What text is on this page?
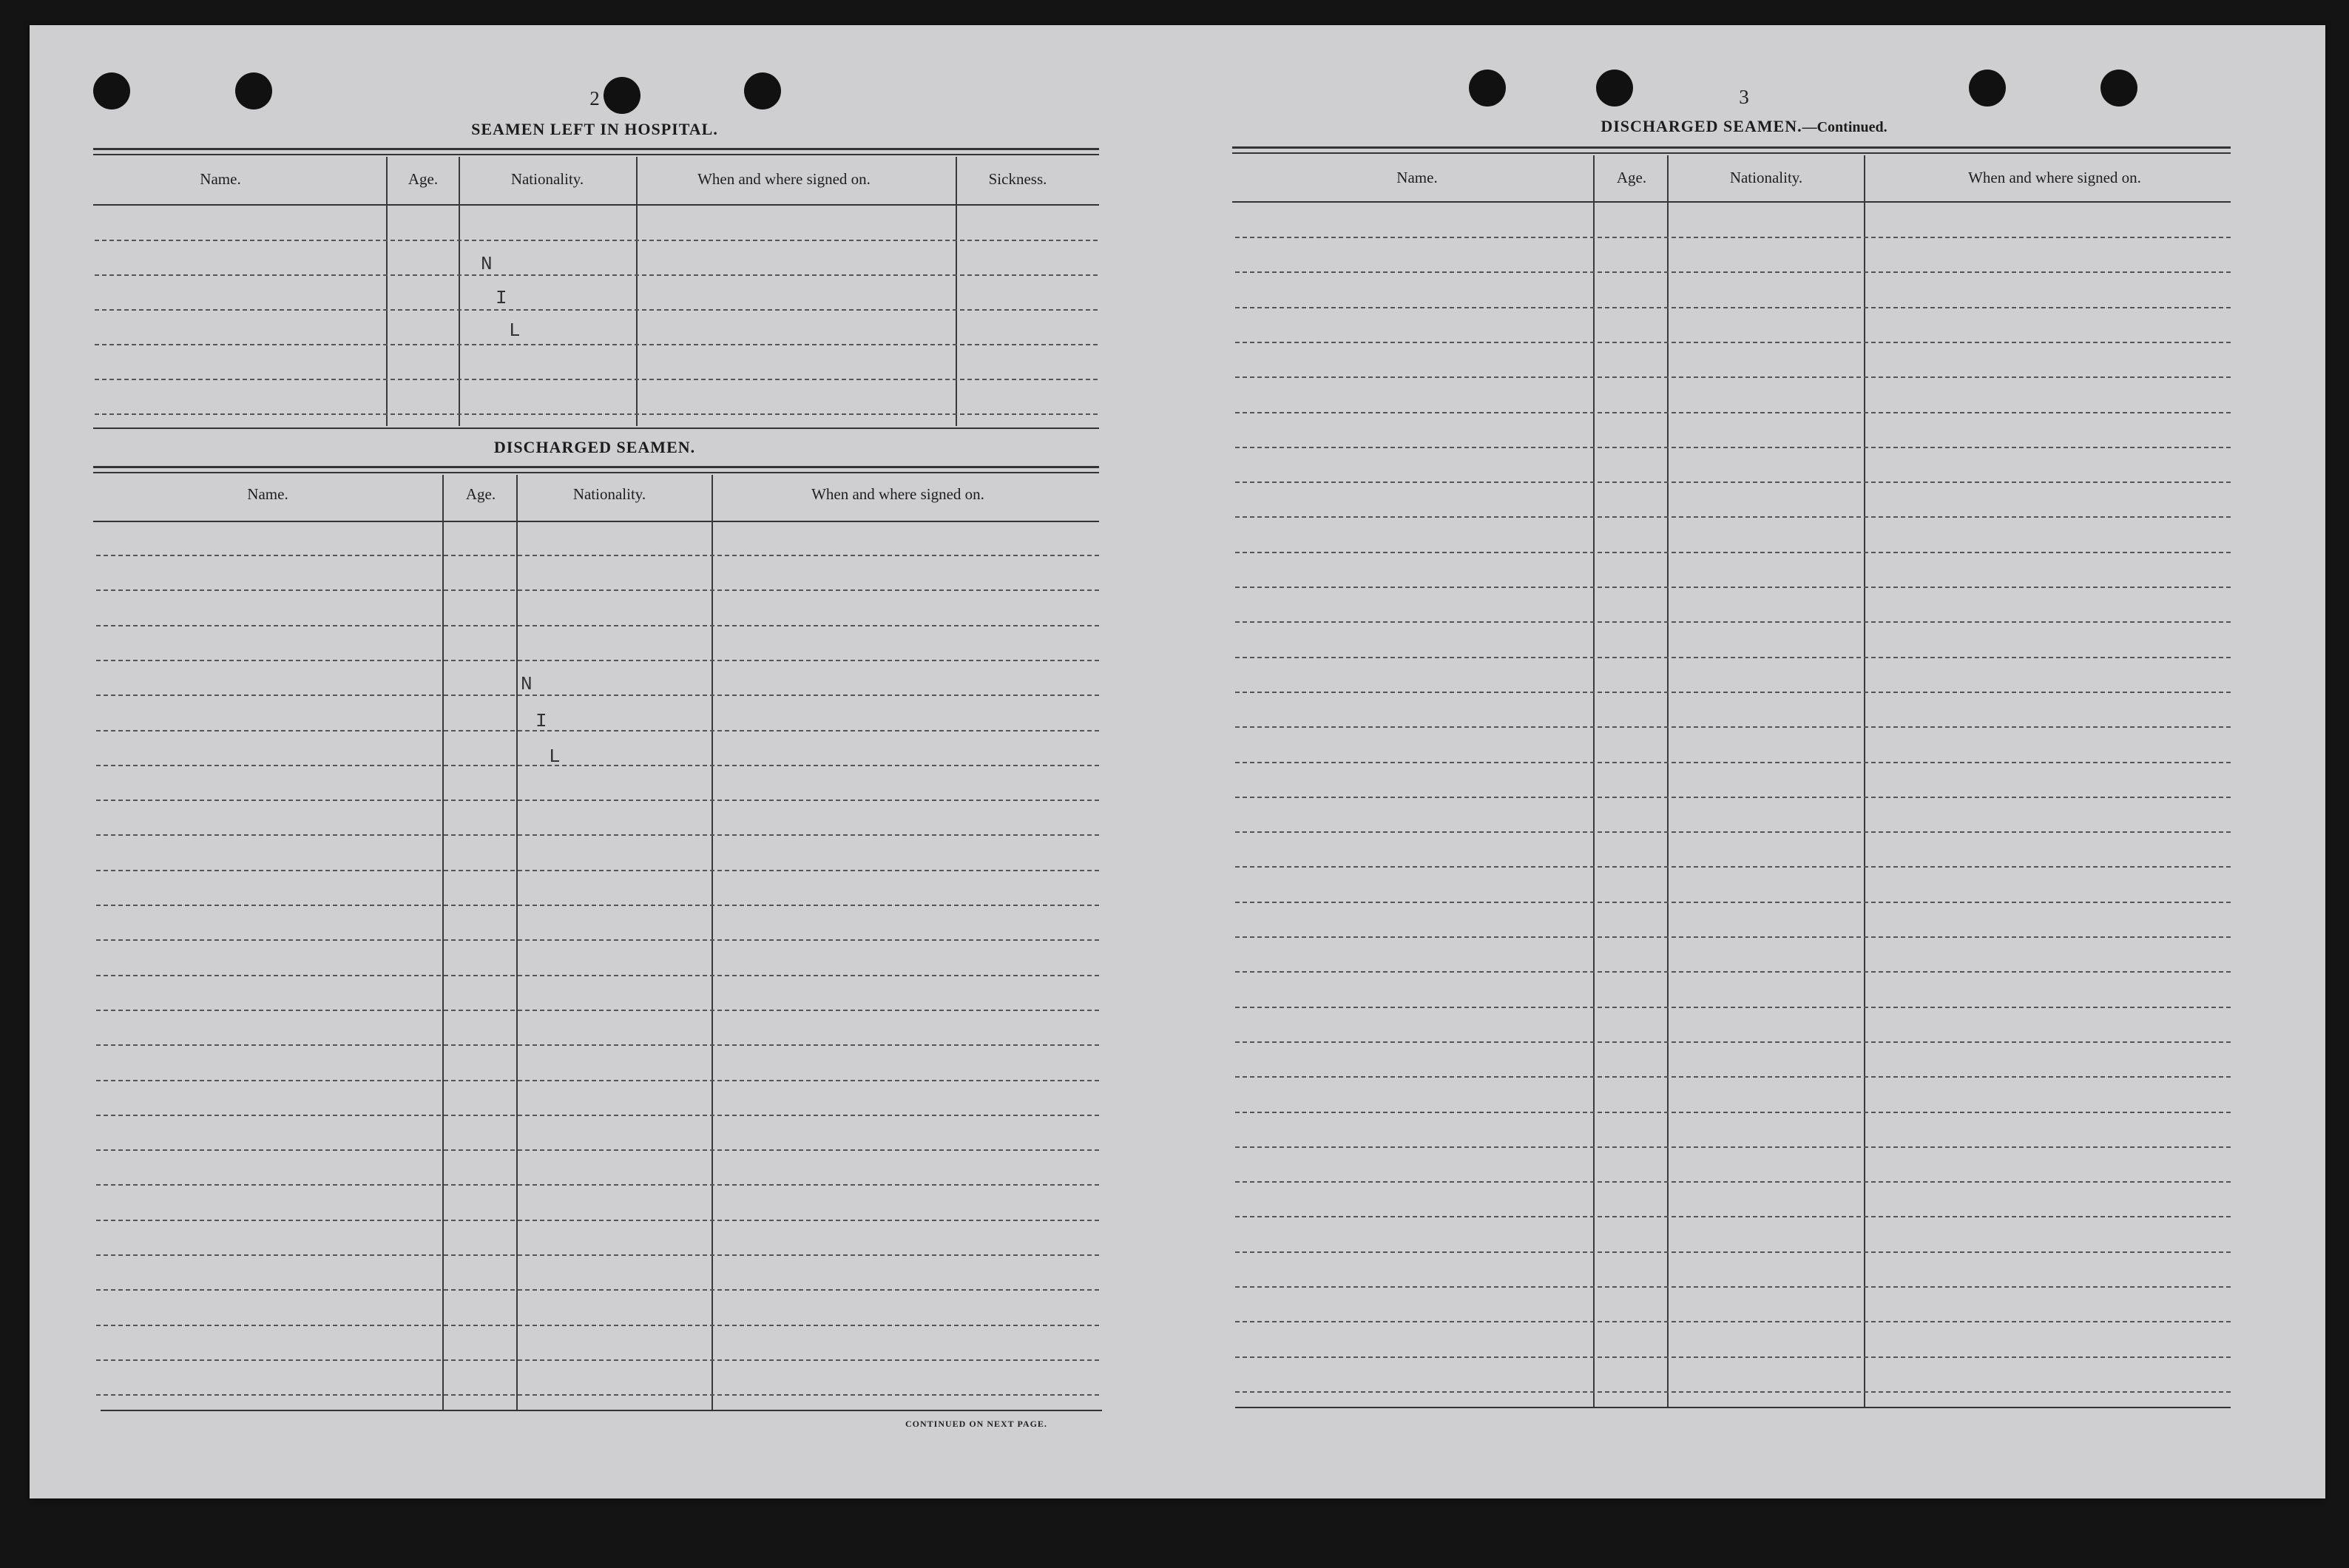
2
SEAMEN LEFT IN HOSPITAL.
Name.	Age.	Nationality.	When and where signed on.	Sickness.
N
I
L
DISCHARGED SEAMEN.
Name.	Age.	Nationality.	When and where signed on.
N
I
L
CONTINUED ON NEXT PAGE.
3
DISCHARGED SEAMEN.—Continued.
Name.	Age.	Nationality.	When and where signed on.
